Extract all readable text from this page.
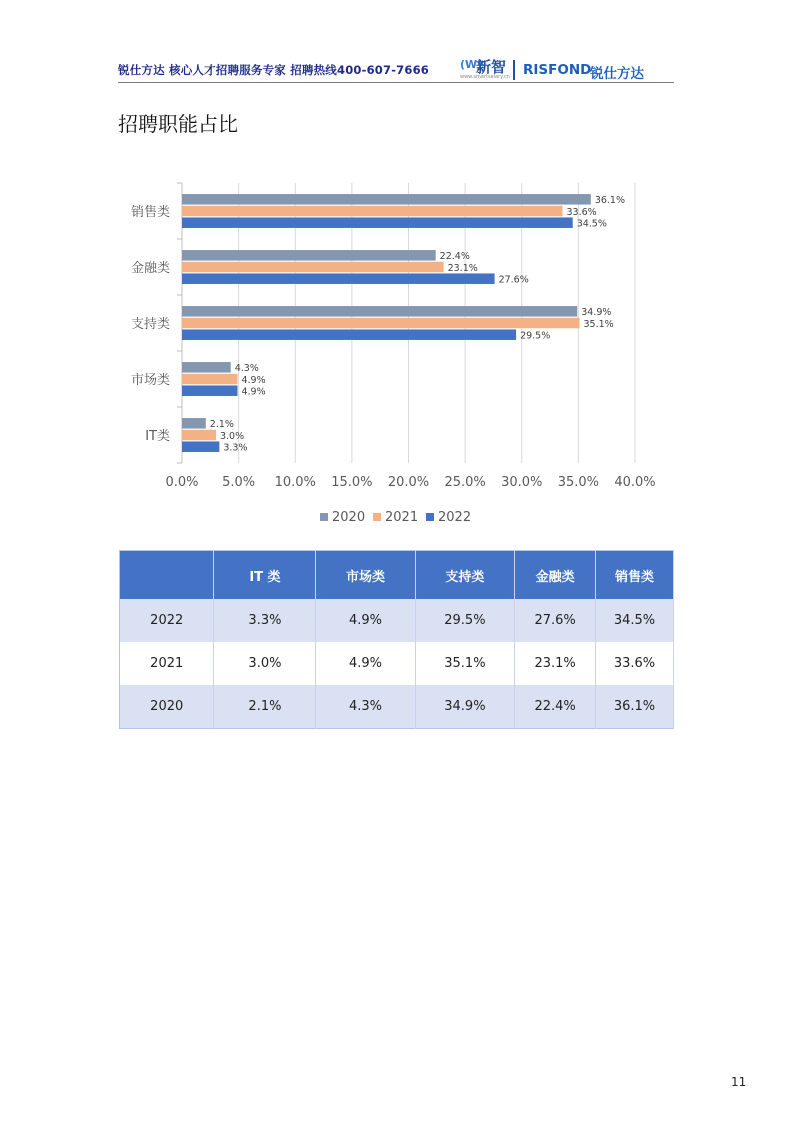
锐仕方达 核心人才招聘服务专家 招聘热线400-607-7666	(W)
新智
www.smartsalary.cn RISFOND
锐仕方达
招聘职能占比
0.0% 5.0% 10.0% 15.0% 20.0% 25.0% 30.0% 35.0% 40.0%
销售类
36.1%
33.6%
34.5%
金融类
22.4%
23.1%
27.6%
支持类
34.9%
35.1%
29.5%
市场类
4.3%
4.9%
4.9%
IT类
2.1%
3.0%
3.3%
2020 2021 2022
	IT 类	市场类	支持类	金融类	销售类
2022	3.3%	4.9%	29.5%	27.6%	34.5%
2021	3.0%	4.9%	35.1%	23.1%	33.6%
2020	2.1%	4.3%	34.9%	22.4%	36.1%
11
